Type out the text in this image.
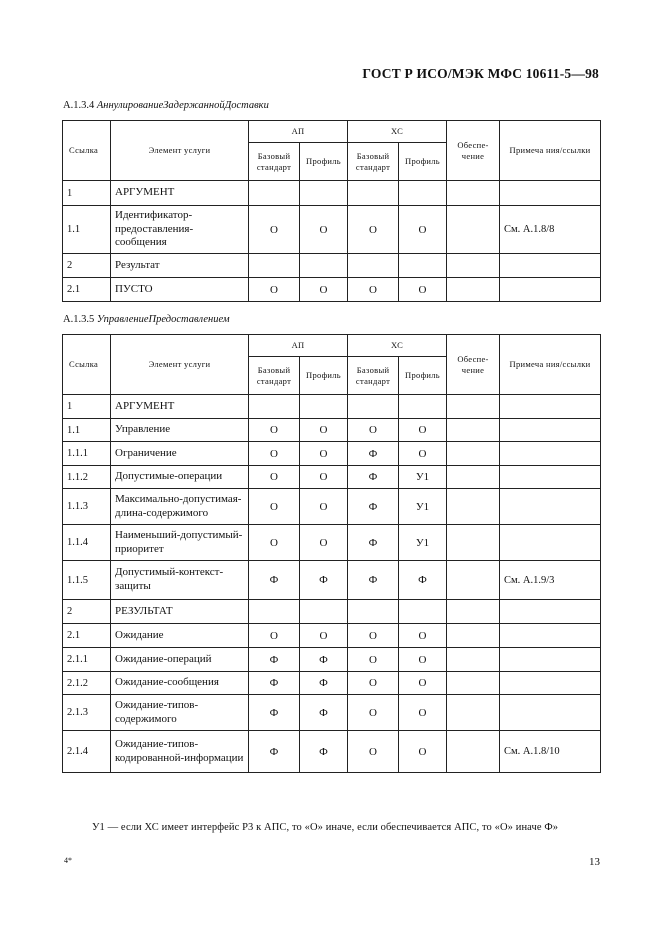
ГОСТ Р ИСО/МЭК МФС 10611-5—98
A.1.3.4 АннулированиеЗадержаннойДоставки
Ссылка	Элемент услуги	АП		ХС		Обеспе-чение	Примеча ния/ссылки
		Базовый стандарт	Профиль	Базовый стандарт	Профиль		
1	АРГУМЕНТ						
1.1	Идентификатор-предоставления-сообщения	О	О	О	О		См. А.1.8/8
2	Результат						
2.1	ПУСТО	О	О	О	О		
A.1.3.5 УправлениеПредоставлением
Ссылка	Элемент услуги	АП		ХС		Обеспе-чение	Примеча ния/ссылки
		Базовый стандарт	Профиль	Базовый стандарт	Профиль		
1	АРГУМЕНТ						
1.1	Управление	О	О	О	О		
1.1.1	Ограничение	О	О	Ф	О		
1.1.2	Допустимые-операции	О	О	Ф	У1		
1.1.3	Максимально-допустимая-длина-содержимого	О	О	Ф	У1		
1.1.4	Наименьший-допустимый-приоритет	О	О	Ф	У1		
1.1.5	Допустимый-контекст-защиты	Ф	Ф	Ф	Ф		См. А.1.9/3
2	РЕЗУЛЬТАТ						
2.1	Ожидание	О	О	О	О		
2.1.1	Ожидание-операций	Ф	Ф	О	О		
2.1.2	Ожидание-сообщения	Ф	Ф	О	О		
2.1.3	Ожидание-типов-содержимого	Ф	Ф	О	О		
2.1.4	Ожидание-типов-кодированной-информации	Ф	Ф	О	О		См. А.1.8/10
У1 — если ХС имеет интерфейс Р3 к АПС, то «О» иначе, если обеспечивается АПС, то «О» иначе Ф»
4*	13
